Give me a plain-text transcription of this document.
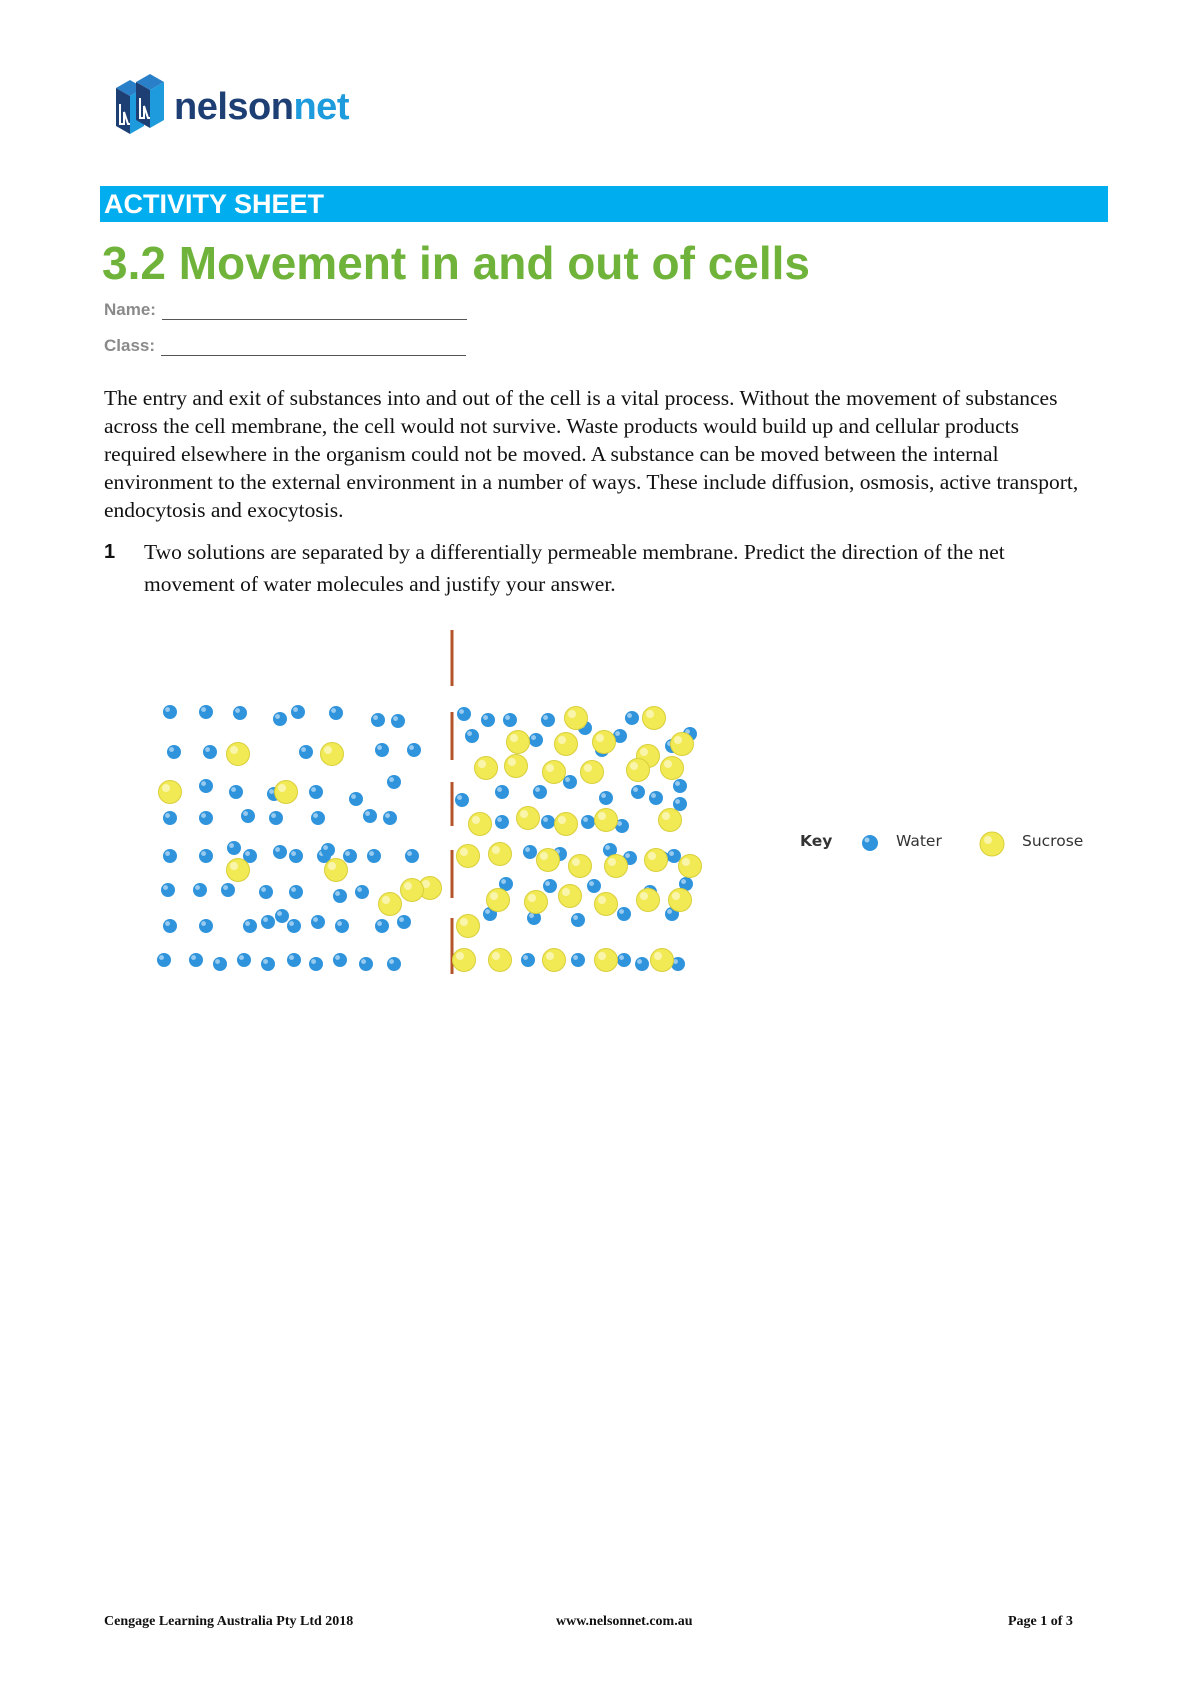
nelsonnet
ACTIVITY SHEET
3.2 Movement in and out of cells
Name:
Class:
The entry and exit of substances into and out of the cell is a vital process. Without the movement of substances across the cell membrane, the cell would not survive. Waste products would build up and cellular products required elsewhere in the organism could not be moved. A substance can be moved between the internal environment to the external environment in a number of ways. These include diffusion, osmosis, active transport, endocytosis and exocytosis.
1	Two solutions are separated by a differentially permeable membrane. Predict the direction of the net movement of water molecules and justify your answer.
Key	Water	Sucrose
Cengage Learning Australia Pty Ltd 2018	www.nelsonnet.com.au	Page 1 of 3
